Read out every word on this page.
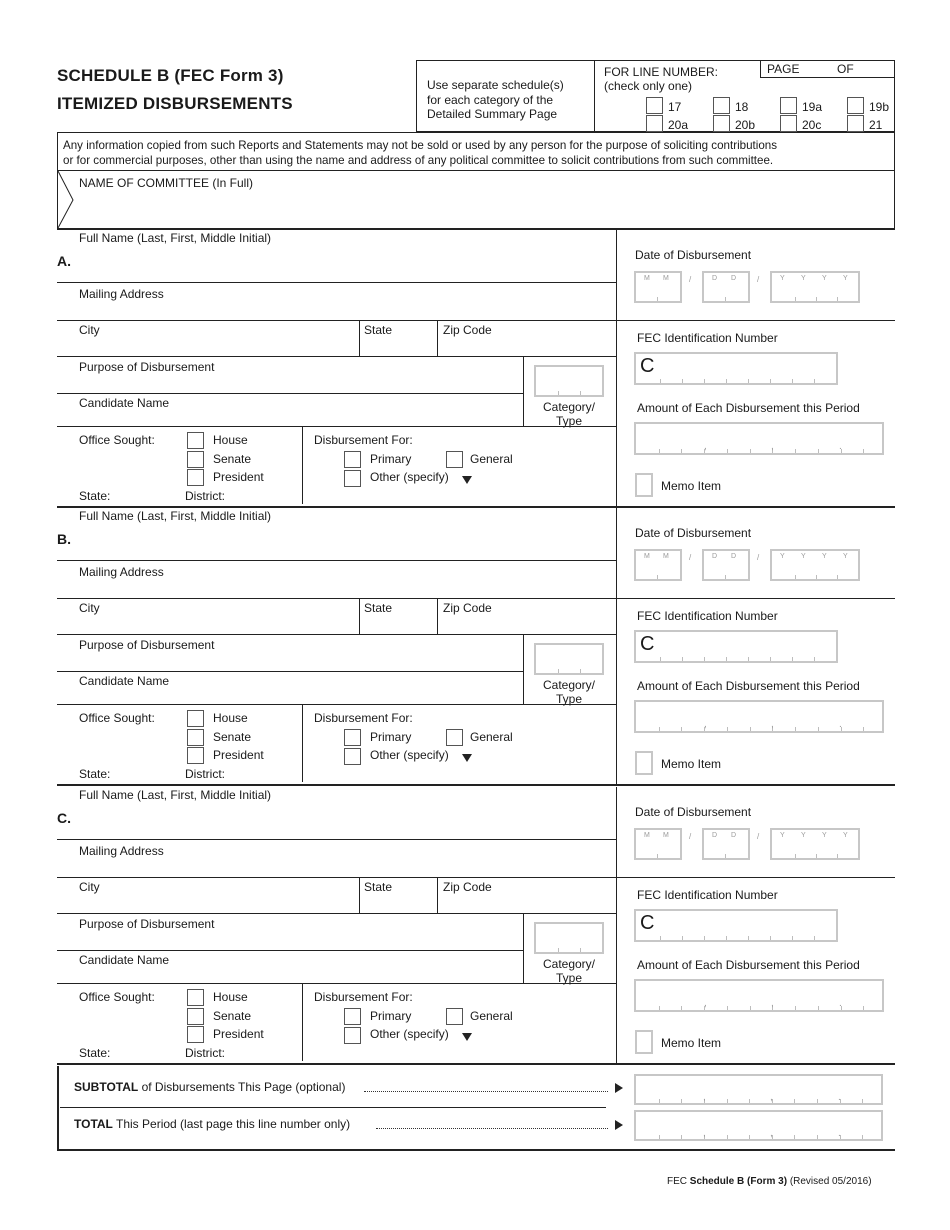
SCHEDULE B (FEC Form 3)
ITEMIZED DISBURSEMENTS
Use separate schedule(s)
for each category of the
Detailed Summary Page
FOR LINE NUMBER:
(check only one)
PAGE	OF
17	18	19a	19b
20a	20b	20c	21
Any information copied from such Reports and Statements may not be sold or used by any person for the purpose of soliciting contributions
or for commercial purposes, other than using the name and address of any political committee to solicit contributions from such committee.
NAME OF COMMITTEE (In Full)
Full Name (Last, First, Middle Initial)
A.
Mailing Address
City	State	Zip Code
Purpose of Disbursement
Category/
Type
Candidate Name
Office Sought:	House
Senate
President
State:	District:
Disbursement For:
Primary	General
Other (specify)
Date of Disbursement
M M	D D	Y Y Y Y
/	/
FEC Identification Number
C
Amount of Each Disbursement this Period
,	,	.
Memo Item
Full Name (Last, First, Middle Initial)
B.
Mailing Address
City	State	Zip Code
Purpose of Disbursement
Category/
Type
Candidate Name
Office Sought:	House
Senate
President
State:	District:
Disbursement For:
Primary	General
Other (specify)
Date of Disbursement
M M	D D	Y Y Y Y
/	/
FEC Identification Number
C
Amount of Each Disbursement this Period
,	,	.
Memo Item
Full Name (Last, First, Middle Initial)
C.
Mailing Address
City	State	Zip Code
Purpose of Disbursement
Category/
Type
Candidate Name
Office Sought:	House
Senate
President
State:	District:
Disbursement For:
Primary	General
Other (specify)
Date of Disbursement
M M	D D	Y Y Y Y
/	/
FEC Identification Number
C
Amount of Each Disbursement this Period
,	,	.
Memo Item
SUBTOTAL of Disbursements This Page (optional)
,	,	.
TOTAL This Period (last page this line number only)
,	,	.
FEC Schedule B (Form 3) (Revised 05/2016)
